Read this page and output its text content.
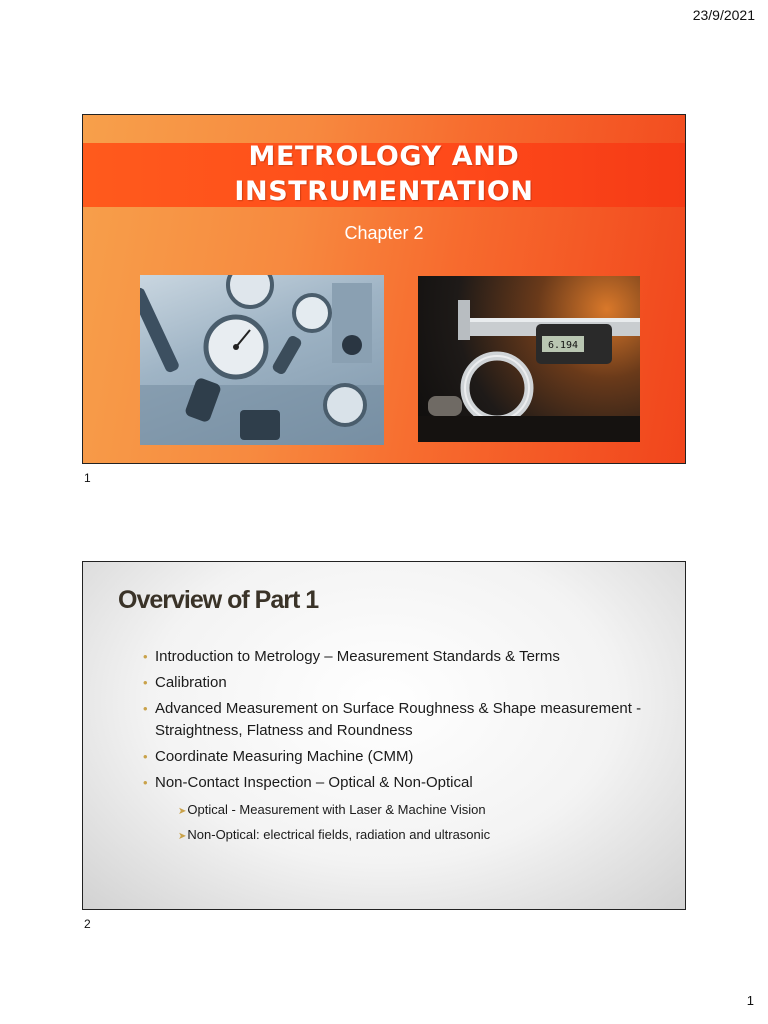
23/9/2021
METROLOGY AND
INSTRUMENTATION
Chapter 2
6.194
1
Overview of Part 1
• Introduction to Metrology – Measurement Standards & Terms
• Calibration
• Advanced Measurement on Surface Roughness & Shape measurement - Straightness, Flatness and Roundness
• Coordinate Measuring Machine (CMM)
• Non-Contact Inspection – Optical & Non-Optical
➤Optical - Measurement with Laser & Machine Vision
➤Non-Optical: electrical fields, radiation and ultrasonic
2
1
